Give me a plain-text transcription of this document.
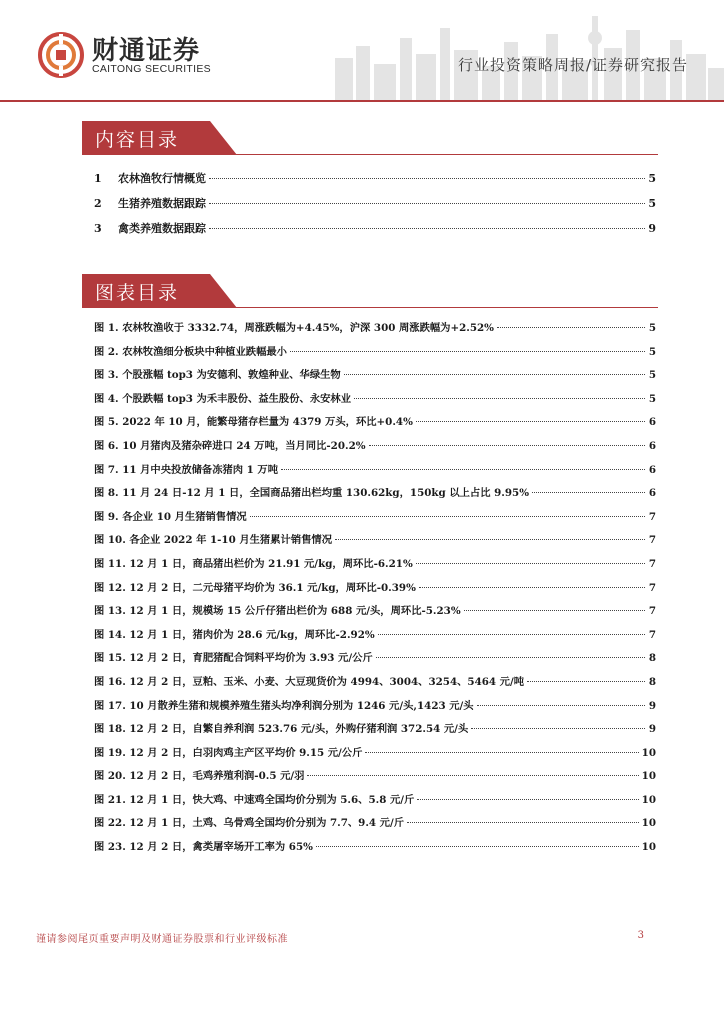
财通证券
CAITONG SECURITIES	行业投资策略周报/证券研究报告
内容目录
1	农林渔牧行情概览	5
2	生猪养殖数据跟踪	5
3	禽类养殖数据跟踪	9
图表目录
图 1. 农林牧渔收于 3332.74，周涨跌幅为+4.45%，沪深 300 周涨跌幅为+2.52%	5
图 2. 农林牧渔细分板块中种植业跌幅最小	5
图 3. 个股涨幅 top3 为安德利、敦煌种业、华绿生物	5
图 4. 个股跌幅 top3 为禾丰股份、益生股份、永安林业	5
图 5. 2022 年 10 月，能繁母猪存栏量为 4379 万头，环比+0.4%	6
图 6. 10 月猪肉及猪杂碎进口 24 万吨，当月同比-20.2%	6
图 7. 11 月中央投放储备冻猪肉 1 万吨	6
图 8. 11 月 24 日-12 月 1 日，全国商品猪出栏均重 130.62kg，150kg 以上占比 9.95%	6
图 9. 各企业 10 月生猪销售情况	7
图 10. 各企业 2022 年 1-10 月生猪累计销售情况	7
图 11. 12 月 1 日，商品猪出栏价为 21.91 元/kg，周环比-6.21%	7
图 12. 12 月 2 日，二元母猪平均价为 36.1 元/kg，周环比-0.39%	7
图 13. 12 月 1 日，规模场 15 公斤仔猪出栏价为 688 元/头，周环比-5.23%	7
图 14. 12 月 1 日，猪肉价为 28.6 元/kg，周环比-2.92%	7
图 15. 12 月 2 日，育肥猪配合饲料平均价为 3.93 元/公斤	8
图 16. 12 月 2 日，豆粕、玉米、小麦、大豆现货价为 4994、3004、3254、5464 元/吨	8
图 17. 10 月散养生猪和规模养殖生猪头均净利润分别为 1246 元/头,1423 元/头	9
图 18. 12 月 2 日，自繁自养利润 523.76 元/头，外购仔猪利润 372.54 元/头	9
图 19. 12 月 2 日，白羽肉鸡主产区平均价 9.15 元/公斤	10
图 20. 12 月 2 日，毛鸡养殖利润-0.5 元/羽	10
图 21. 12 月 1 日，快大鸡、中速鸡全国均价分别为 5.6、5.8 元/斤	10
图 22. 12 月 1 日，土鸡、乌骨鸡全国均价分别为 7.7、9.4 元/斤	10
图 23. 12 月 2 日，禽类屠宰场开工率为 65%	10
谨请参阅尾页重要声明及财通证券股票和行业评级标准	3
